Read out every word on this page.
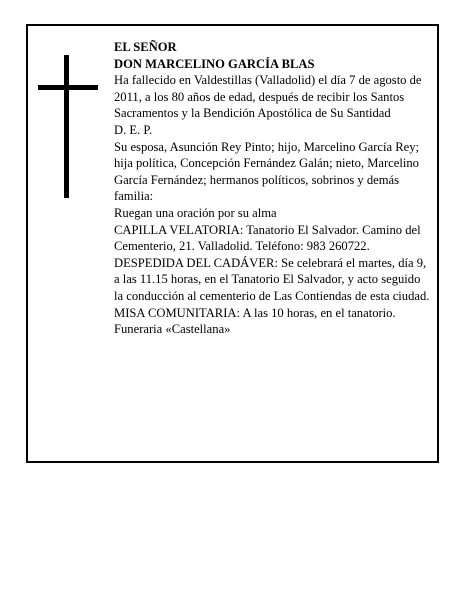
EL SEÑOR

DON MARCELINO GARCÍA BLAS

Ha fallecido en Valdestillas (Valladolid) el día 7 de agosto de 2011, a los 80 años de edad, después de recibir los Santos Sacramentos y la Bendición Apostólica de Su Santidad

D. E. P.

Su esposa, Asunción Rey Pinto; hijo, Marcelino García Rey; hija política, Concepción Fernández Galán; nieto, Marcelino García Fernández; hermanos políticos, sobrinos y demás familia:

Ruegan una oración por su alma

CAPILLA VELATORIA: Tanatorio El Salvador. Camino del Cementerio, 21. Valladolid. Teléfono: 983 260722.

DESPEDIDA DEL CADÁVER: Se celebrará el martes, día 9, a las 11.15 horas, en el Tanatorio El Salvador, y acto seguido la conducción al cementerio de Las Contiendas de esta ciudad.

MISA COMUNITARIA: A las 10 horas, en el tanatorio.

Funeraria «Castellana»
